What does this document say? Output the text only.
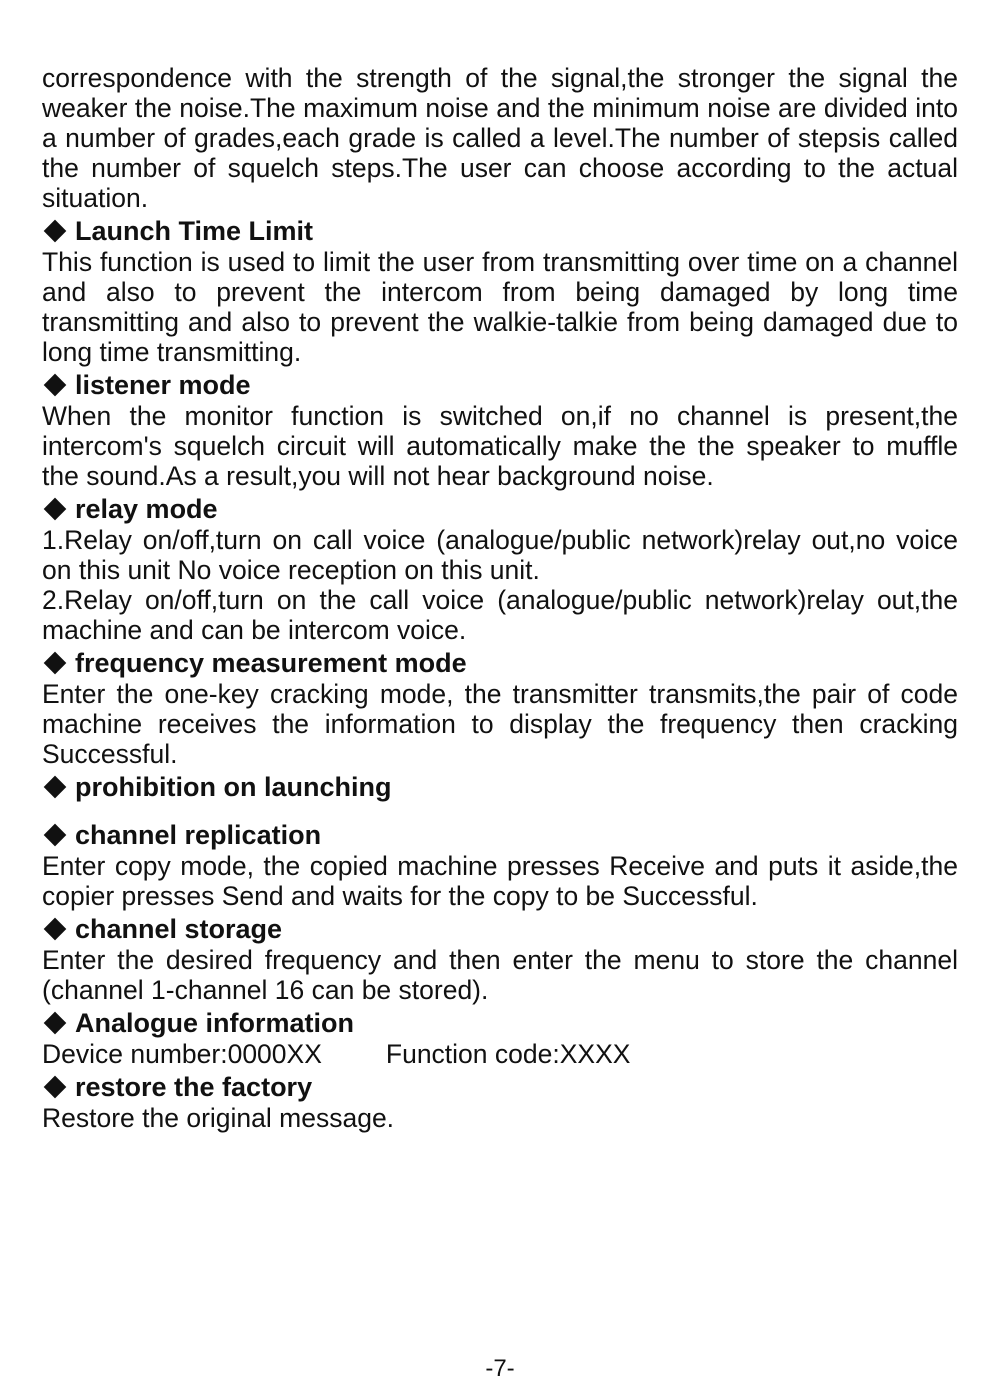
correspondence with the strength of the signal,the stronger the signal the weaker the noise.The maximum noise and the minimum noise are divided into a number of grades,each grade is called a level.The number of stepsis called the number of squelch steps.The user can choose according to the actual situation.

Launch Time Limit

This function is used to limit the user from transmitting over time on a channel and also to prevent the intercom from being damaged by long time transmitting and also to prevent the walkie-talkie from being damaged due to long time transmitting.

listener mode

When the monitor function is switched on,if no channel is present,the intercom's squelch circuit will automatically make the the speaker to muffle the sound.As a result,you will not hear background noise.

relay mode

1.Relay on/off,turn on call voice (analogue/public network)relay out,no voice on this unit No voice reception on this unit.

2.Relay on/off,turn on the call voice (analogue/public network)relay out,the machine and can be intercom voice.

frequency measurement mode

Enter the one-key cracking mode, the transmitter transmits,the pair of code machine receives the information to display the frequency then cracking Successful.

prohibition on launching
channel replication

Enter copy mode, the copied machine presses Receive and puts it aside,the copier presses Send and waits for the copy to be Successful.

channel storage

Enter the desired frequency and then enter the menu to store the channel (channel 1-channel 16 can be stored).

Analogue information

Device number:0000XX Function code:XXXX

restore the factory

Restore the original message.

-7-
